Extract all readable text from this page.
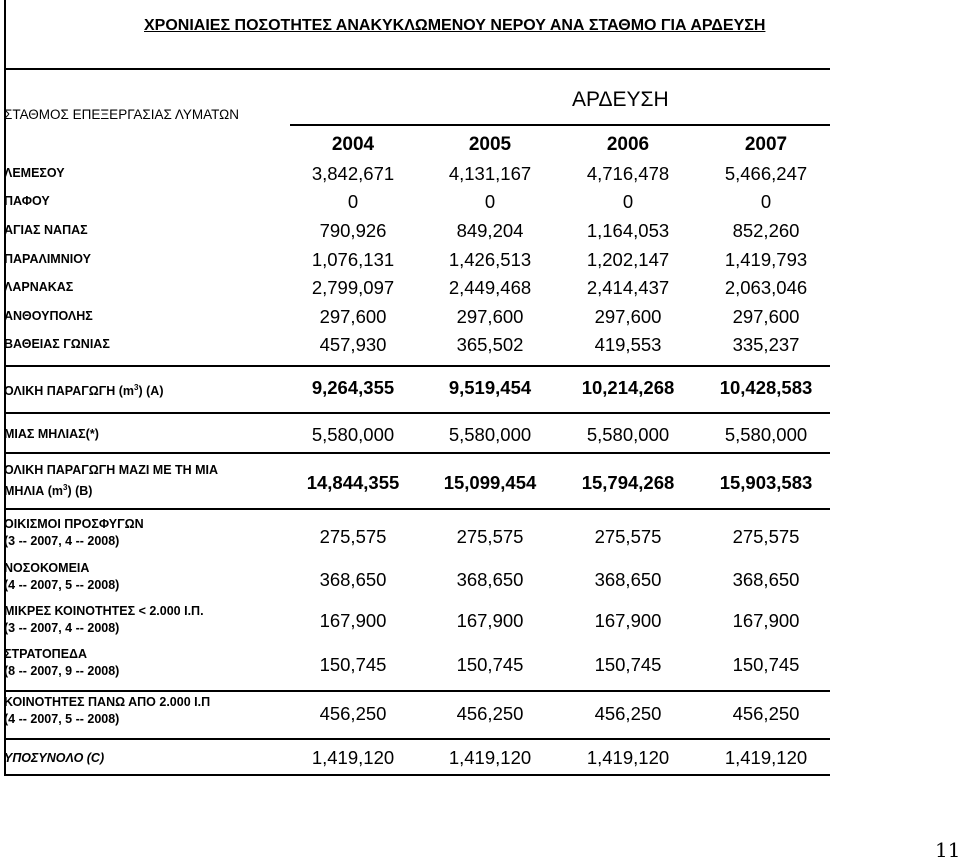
ΧΡΟΝΙΑΙΕΣ ΠΟΣΟΤΗΤΕΣ ΑΝΑΚΥΚΛΩΜΕΝΟΥ ΝΕΡΟΥ ΑΝΑ ΣΤΑΘΜΟ ΓΙΑ ΑΡΔΕΥΣΗ
ΣΤΑΘΜΟΣ ΕΠΕΞΕΡΓΑΣΙΑΣ ΛΥΜΑΤΩΝ
ΑΡΔΕΥΣΗ
2004	2005	2006	2007
ΛΕΜΕΣΟΥ	3,842,671	4,131,167	4,716,478	5,466,247
ΠΑΦΟΥ	0	0	0	0
ΑΓΙΑΣ ΝΑΠΑΣ	790,926	849,204	1,164,053	852,260
ΠΑΡΑΛΙΜΝΙΟΥ	1,076,131	1,426,513	1,202,147	1,419,793
ΛΑΡΝΑΚΑΣ	2,799,097	2,449,468	2,414,437	2,063,046
ΑΝΘΟΥΠΟΛΗΣ	297,600	297,600	297,600	297,600
ΒΑΘΕΙΑΣ ΓΩΝΙΑΣ	457,930	365,502	419,553	335,237
ΟΛΙΚΗ ΠΑΡΑΓΩΓΗ $(m^3)$ (A)	9,264,355	9,519,454	10,214,268	10,428,583
ΜΙΑΣ ΜΗΛΙΑΣ(*)	5,580,000	5,580,000	5,580,000	5,580,000
ΟΛΙΚΗ ΠΑΡΑΓΩΓΗ ΜΑΖΙ ΜΕ ΤΗ ΜΙΑ
ΜΗΛΙΑ $(m^3)$ (B)	14,844,355	15,099,454	15,794,268	15,903,583
ΟΙΚΙΣΜΟΙ ΠΡΟΣΦΥΓΩΝ
(3 -- 2007, 4 -- 2008)	275,575	275,575	275,575	275,575
ΝΟΣΟΚΟΜΕΙΑ
(4 -- 2007, 5 -- 2008)	368,650	368,650	368,650	368,650
ΜΙΚΡΕΣ ΚΟΙΝΟΤΗΤΕΣ < 2.000 Ι.Π.
(3 -- 2007, 4 -- 2008)	167,900	167,900	167,900	167,900
ΣΤΡΑΤΟΠΕΔΑ
(8 -- 2007, 9 -- 2008)	150,745	150,745	150,745	150,745
ΚΟΙΝΟΤΗΤΕΣ ΠΑΝΩ ΑΠΟ 2.000 Ι.Π
(4 -- 2007, 5 -- 2008)	456,250	456,250	456,250	456,250
ΥΠΟΣΥΝΟΛΟ (C)	1,419,120	1,419,120	1,419,120	1,419,120
11
